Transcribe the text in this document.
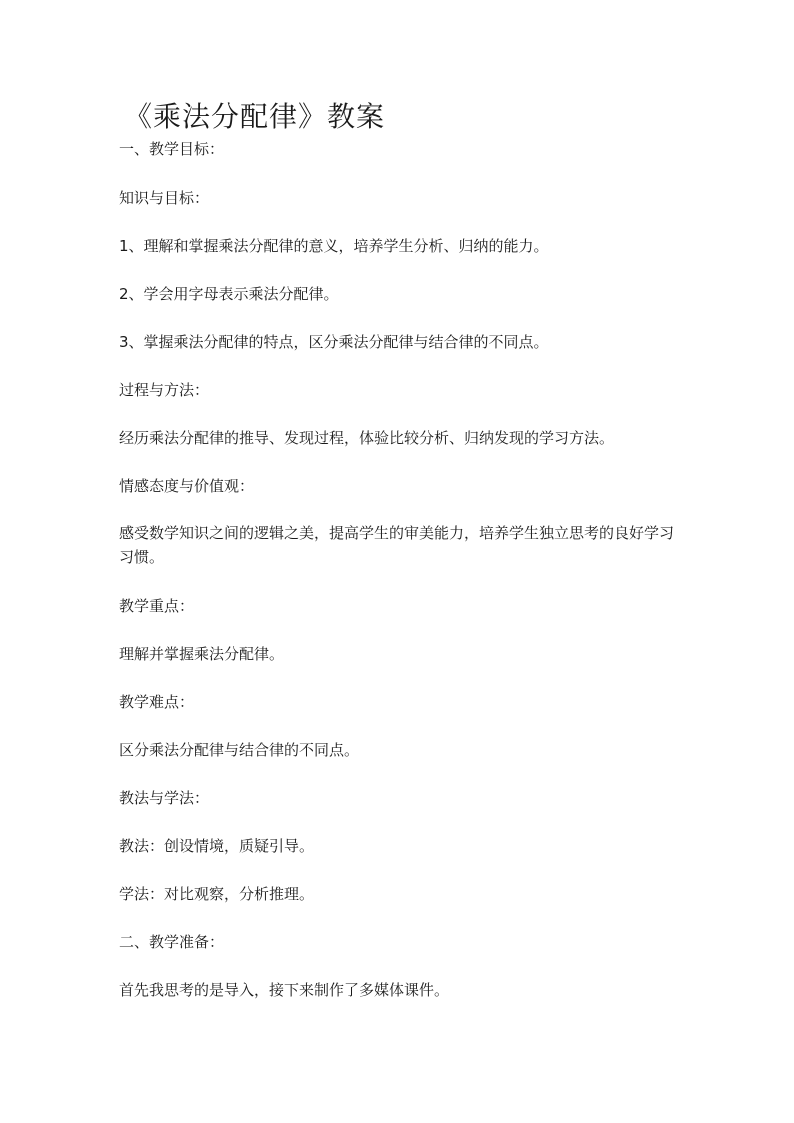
《乘法分配律》教案
一、教学目标：
知识与目标：
1、理解和掌握乘法分配律的意义，培养学生分析、归纳的能力。
2、学会用字母表示乘法分配律。
3、掌握乘法分配律的特点，区分乘法分配律与结合律的不同点。
过程与方法：
经历乘法分配律的推导、发现过程，体验比较分析、归纳发现的学习方法。
情感态度与价值观：
感受数学知识之间的逻辑之美，提高学生的审美能力，培养学生独立思考的良好学习习惯。
教学重点：
理解并掌握乘法分配律。
教学难点：
区分乘法分配律与结合律的不同点。
教法与学法：
教法：创设情境，质疑引导。
学法：对比观察，分析推理。
二、教学准备：
首先我思考的是导入，接下来制作了多媒体课件。
